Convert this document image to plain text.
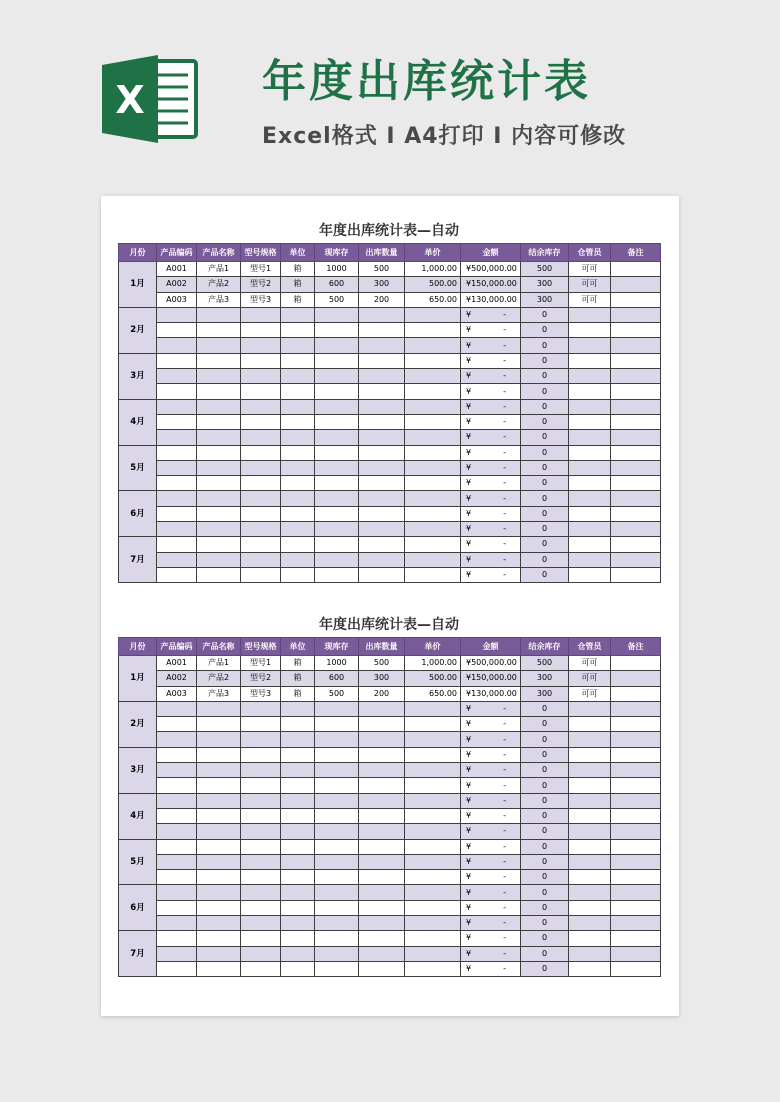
X	年度出库统计表
Excel格式 I A4打印 I 内容可修改
年度出库统计表—自动
月份	产品编码	产品名称	型号规格	单位	现库存	出库数量	单价	金额	结余库存	仓管员	备注
1月	A001	产品1	型号1	箱	1000	500	1,000.00	¥ 500,000.00	500	可可	
	A002	产品2	型号2	箱	600	300	500.00	¥ 150,000.00	300	可可	
	A003	产品3	型号3	箱	500	200	650.00	¥ 130,000.00	300	可可	
2月								¥ -	0		

								¥ -	0		

								¥ -	0		
3月								¥ -	0		

								¥ -	0		

								¥ -	0		
4月								¥ -	0		

								¥ -	0		

								¥ -	0		
5月								¥ -	0		

								¥ -	0		

								¥ -	0		
6月								¥ -	0		

								¥ -	0		

								¥ -	0		
7月								¥ -	0		

								¥ -	0		

								¥ -	0		
年度出库统计表—自动
月份	产品编码	产品名称	型号规格	单位	现库存	出库数量	单价	金额	结余库存	仓管员	备注
1月	A001	产品1	型号1	箱	1000	500	1,000.00	¥ 500,000.00	500	可可	
	A002	产品2	型号2	箱	600	300	500.00	¥ 150,000.00	300	可可	
	A003	产品3	型号3	箱	500	200	650.00	¥ 130,000.00	300	可可	
2月								¥ -	0		

								¥ -	0		

								¥ -	0		
3月								¥ -	0		

								¥ -	0		

								¥ -	0		
4月								¥ -	0		

								¥ -	0		

								¥ -	0		
5月								¥ -	0		

								¥ -	0		

								¥ -	0		
6月								¥ -	0		

								¥ -	0		

								¥ -	0		
7月								¥ -	0		

								¥ -	0		

								¥ -	0		
